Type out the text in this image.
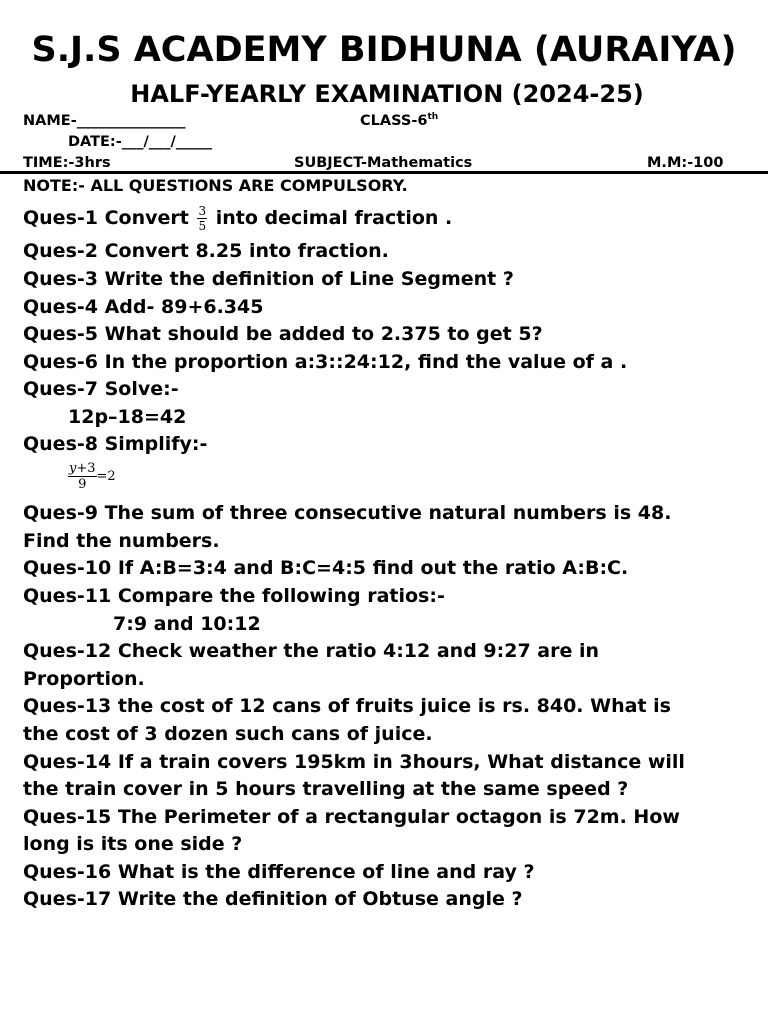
S.J.S ACADEMY BIDHUNA (AURAIYA)
HALF-YEARLY EXAMINATION (2024-25)
NAME-_______________	CLASS-6th
DATE:-___/___/_____
TIME:-3hrs	SUBJECT-Mathematics	M.M:-100
NOTE:- ALL QUESTIONS ARE COMPULSORY.
Ques-1 Convert $\frac{3}{5}$ into decimal fraction .
Ques-2 Convert 8.25 into fraction.
Ques-3 Write the definition of Line Segment ?
Ques-4 Add- 89+6.345
Ques-5 What should be added to 2.375 to get 5?
Ques-6 In the proportion a:3::24:12, find the value of a .
Ques-7 Solve:-
12p–18=42
Ques-8 Simplify:-
$\frac{y+3}{9} =2$
Ques-9 The sum of three consecutive natural numbers is 48.
Find the numbers.
Ques-10 If A:B=3:4 and B:C=4:5 find out the ratio A:B:C.
Ques-11 Compare the following ratios:-
7:9 and 10:12
Ques-12 Check weather the ratio 4:12 and 9:27 are in
Proportion.
Ques-13 the cost of 12 cans of fruits juice is rs. 840. What is
the cost of 3 dozen such cans of juice.
Ques-14 If a train covers 195km in 3hours, What distance will
the train cover in 5 hours travelling at the same speed ?
Ques-15 The Perimeter of a rectangular octagon is 72m. How
long is its one side ?
Ques-16 What is the difference of line and ray ?
Ques-17 Write the definition of Obtuse angle ?
